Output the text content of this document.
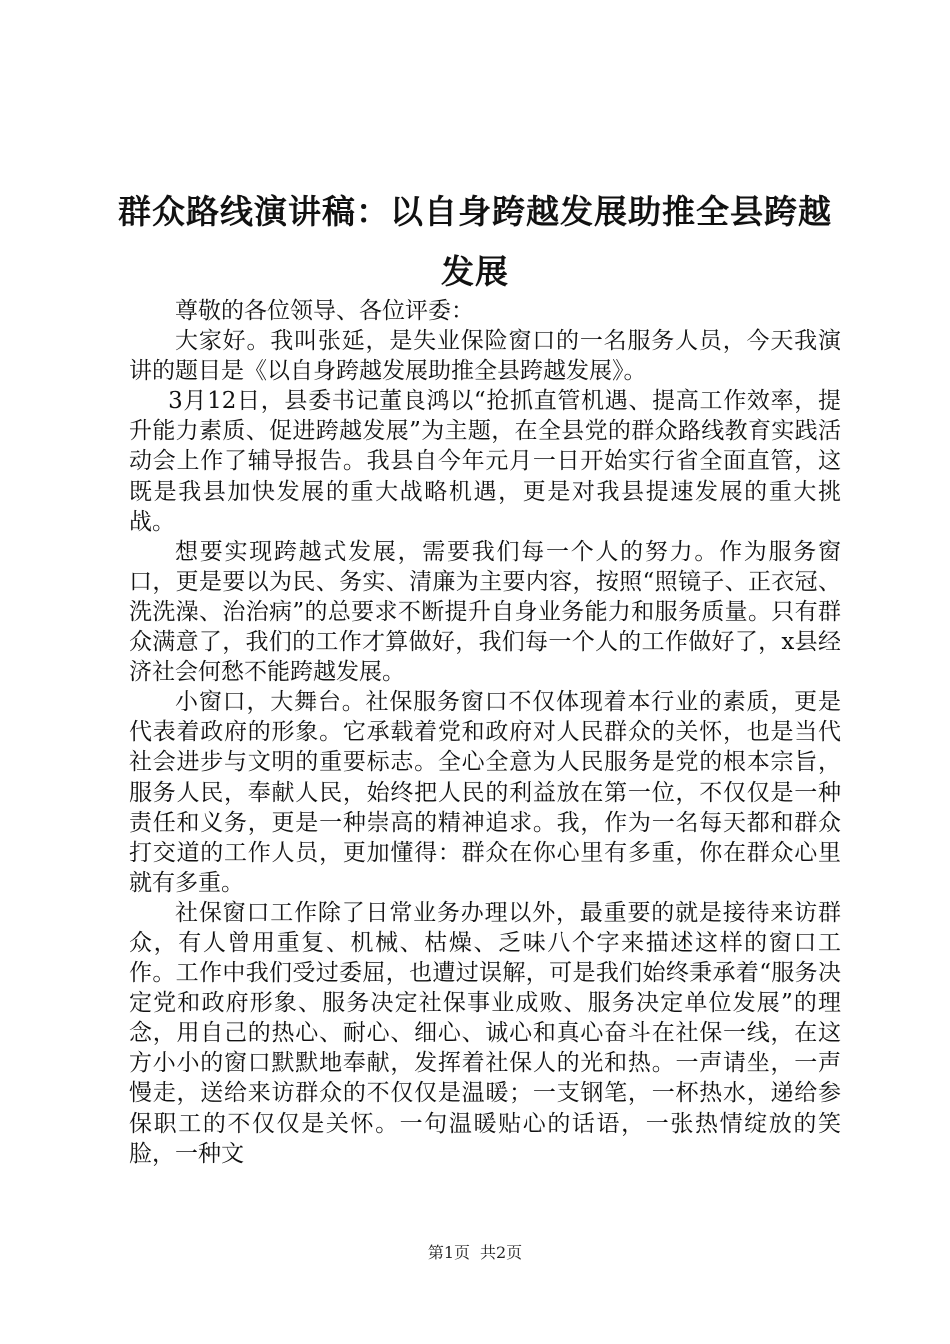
群众路线演讲稿：以自身跨越发展助推全县跨越发展

尊敬的各位领导、各位评委：

大家好。我叫张延，是失业保险窗口的一名服务人员，今天我演讲的题目是《以自身跨越发展助推全县跨越发展》。

3月12日，县委书记董良鸿以“抢抓直管机遇、提高工作效率，提升能力素质、促进跨越发展”为主题，在全县党的群众路线教育实践活动会上作了辅导报告。我县自今年元月一日开始实行省全面直管，这既是我县加快发展的重大战略机遇，更是对我县提速发展的重大挑战。

想要实现跨越式发展，需要我们每一个人的努力。作为服务窗口，更是要以为民、务实、清廉为主要内容，按照“照镜子、正衣冠、洗洗澡、治治病”的总要求不断提升自身业务能力和服务质量。只有群众满意了，我们的工作才算做好，我们每一个人的工作做好了，x县经济社会何愁不能跨越发展。

小窗口，大舞台。社保服务窗口不仅体现着本行业的素质，更是代表着政府的形象。它承载着党和政府对人民群众的关怀，也是当代社会进步与文明的重要标志。全心全意为人民服务是党的根本宗旨，服务人民，奉献人民，始终把人民的利益放在第一位，不仅仅是一种责任和义务，更是一种崇高的精神追求。我，作为一名每天都和群众打交道的工作人员，更加懂得：群众在你心里有多重，你在群众心里就有多重。

社保窗口工作除了日常业务办理以外，最重要的就是接待来访群众，有人曾用重复、机械、枯燥、乏味八个字来描述这样的窗口工作。工作中我们受过委屈，也遭过误解，可是我们始终秉承着“服务决定党和政府形象、服务决定社保事业成败、服务决定单位发展”的理念，用自己的热心、耐心、细心、诚心和真心奋斗在社保一线，在这方小小的窗口默默地奉献，发挥着社保人的光和热。一声请坐，一声慢走，送给来访群众的不仅仅是温暖；一支钢笔，一杯热水，递给参保职工的不仅仅是关怀。一句温暖贴心的话语，一张热情绽放的笑脸，一种文

第1页 共2页
